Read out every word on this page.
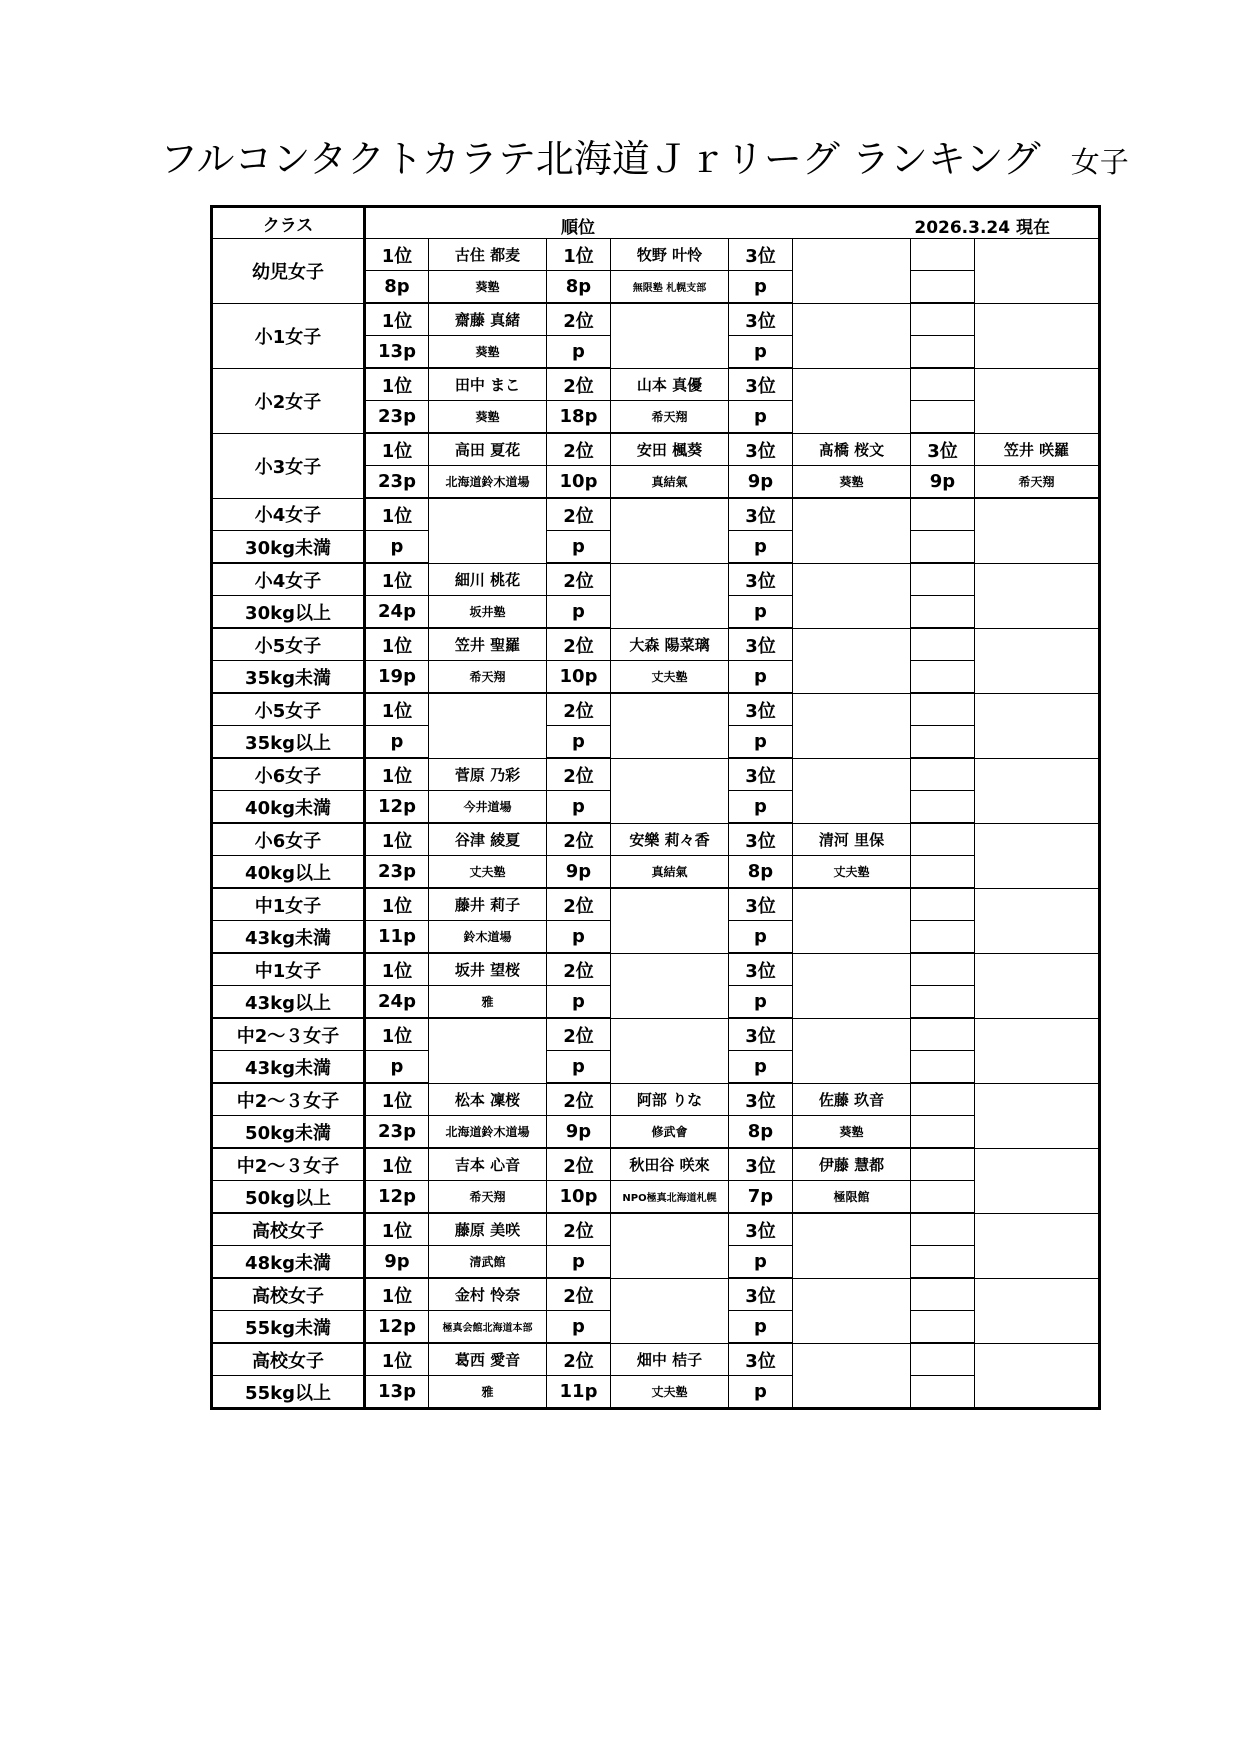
フルコンタクトカラテ北海道Ｊｒリーグ ランキング 女子
クラス	順位 2026.3.24 現在							

幼児女子	1位	古住 都麦	1位	牧野 叶怜	3位			
	8p	葵塾	8p	無限塾 札幌支部	p			
小1女子	1位	齋藤 真緒	2位		3位			
	13p	葵塾	p		p			
小2女子	1位	田中 まこ	2位	山本 真優	3位			
	23p	葵塾	18p	希天翔	p			
小3女子	1位	高田 夏花	2位	安田 楓葵	3位	髙橋 桜文	3位	笠井 咲羅
	23p	北海道鈴木道場	10p	真結氣	9p	葵塾	9p	希天翔
小4女子	1位		2位		3位			
30kg未満	p		p		p			
小4女子	1位	細川 桃花	2位		3位			
30kg以上	24p	坂井塾	p		p			
小5女子	1位	笠井 聖羅	2位	大森 陽菜璃	3位			
35kg未満	19p	希天翔	10p	丈夫塾	p			
小5女子	1位		2位		3位			
35kg以上	p		p		p			
小6女子	1位	菅原 乃彩	2位		3位			
40kg未満	12p	今井道場	p		p			
小6女子	1位	谷津 綾夏	2位	安樂 莉々香	3位	清河 里保		
40kg以上	23p	丈夫塾	9p	真結氣	8p	丈夫塾		
中1女子	1位	藤井 莉子	2位		3位			
43kg未満	11p	鈴木道場	p		p			
中1女子	1位	坂井 望桜	2位		3位			
43kg以上	24p	雅	p		p			
中2～３女子	1位		2位		3位			
43kg未満	p		p		p			
中2～３女子	1位	松本 凜桜	2位	阿部 りな	3位	佐藤 玖音		
50kg未満	23p	北海道鈴木道場	9p	修武會	8p	葵塾		
中2～３女子	1位	吉本 心音	2位	秋田谷 咲來	3位	伊藤 慧都		
50kg以上	12p	希天翔	10p	NPO極真北海道札幌	7p	極限館		
高校女子	1位	藤原 美咲	2位		3位			
48kg未満	9p	清武館	p		p			
高校女子	1位	金村 怜奈	2位		3位			
55kg未満	12p	極真会館北海道本部	p		p			
高校女子	1位	葛西 愛音	2位	畑中 桔子	3位			
55kg以上	13p	雅	11p	丈夫塾	p			
